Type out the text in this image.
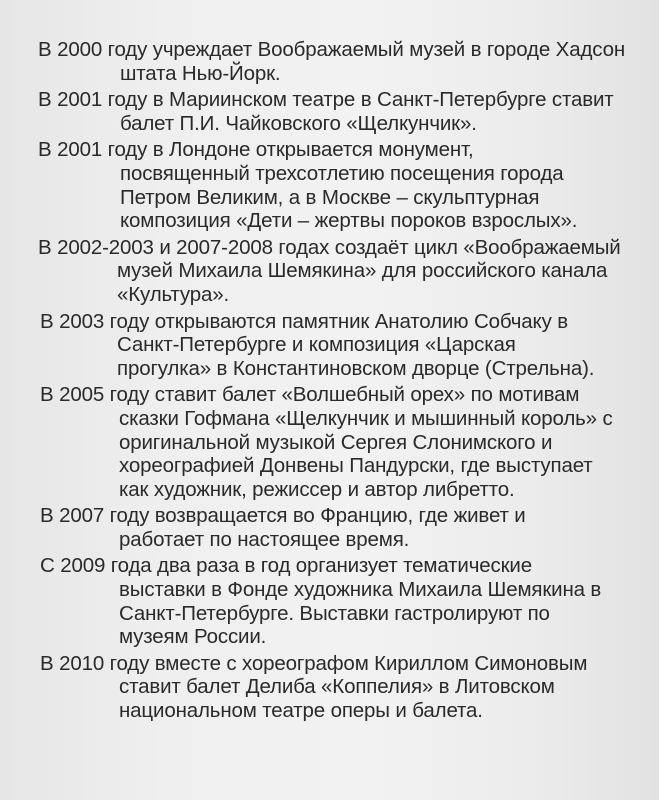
В 2000 году учреждает Воображаемый музей в городе Хадсон штата Нью-Йорк.

В 2001 году в Мариинском театре в Санкт-Петербурге ставит балет П.И. Чайковского «Щелкунчик».

В 2001 году в Лондоне открывается монумент, посвященный трехсотлетию посещения города Петром Великим, а в Москве – скульптурная композиция «Дети – жертвы пороков взрослых».

В 2002-2003 и 2007-2008 годах создаёт цикл «Воображаемый музей Михаила Шемякина» для российского канала «Культура».

В 2003 году открываются памятник Анатолию Собчаку в Санкт-Петербурге и композиция «Царская прогулка» в Константиновском дворце (Стрельна).

В 2005 году ставит балет «Волшебный орех» по мотивам сказки Гофмана «Щелкунчик и мышинный король» с оригинальной музыкой Сергея Слонимского и хореографией Донвены Пандурски, где выступает как художник, режиссер и автор либретто.

В 2007 году возвращается во Францию, где живет и работает по настоящее время.

С 2009 года два раза в год организует тематические выставки в Фонде художника Михаила Шемякина в Санкт-Петербурге. Выставки гастролируют по музеям России.

В 2010 году вместе с хореографом Кириллом Симоновым ставит балет Делиба «Коппелия» в Литовском национальном театре оперы и балета.
